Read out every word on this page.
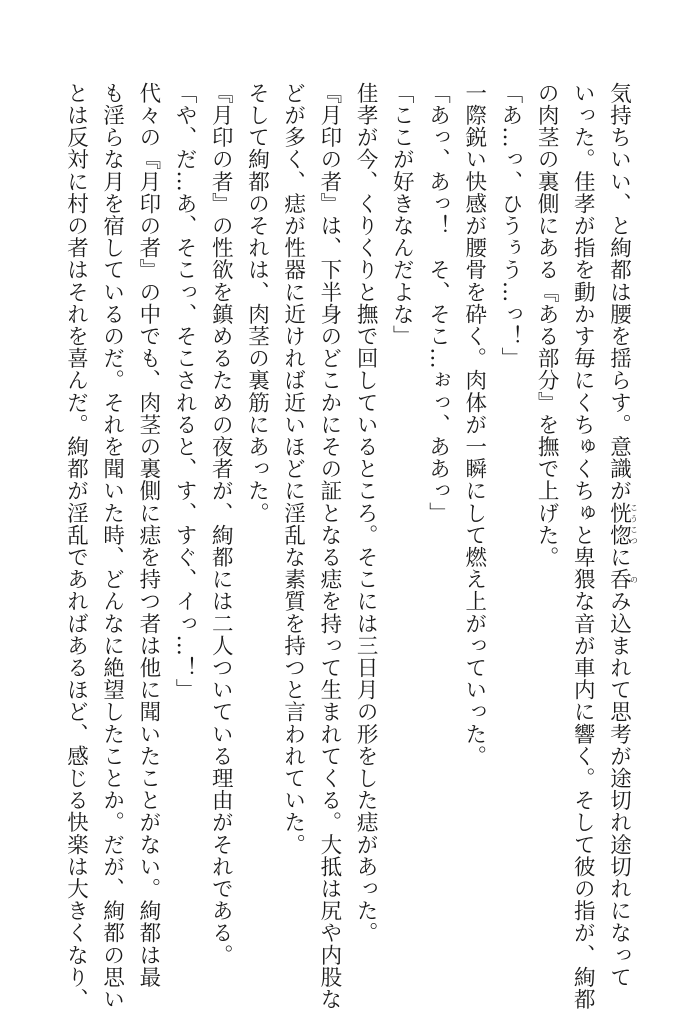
気持ちいい、と絢都は腰を揺らす。意識が恍惚こうこつに呑のみ込まれて思考が途切れ途切れになって
いった。佳孝が指を動かす毎にくちゅくちゅと卑猥な音が車内に響く。そして彼の指が、絢都
の肉茎の裏側にある『ある部分』を撫で上げた。
「あ…っ、ひうぅう…っ！」
一際鋭い快感が腰骨を砕く。肉体が一瞬にして燃え上がっていった。
「あっ、あっ！　そ、そこ…ぉっ、ああっ」
「ここが好きなんだよな」
佳孝が今、くりくりと撫で回しているところ。そこには三日月の形をした痣があった。
『月印の者』は、下半身のどこかにその証となる痣を持って生まれてくる。大抵は尻や内股な
どが多く、痣が性器に近ければ近いほどに淫乱な素質を持つと言われていた。
そして絢都のそれは、肉茎の裏筋にあった。
『月印の者』の性欲を鎮めるための夜者が、絢都には二人ついている理由がそれである。
「や、だ…あ、そこっ、そこされると、す、すぐ、イっ…！」
代々の『月印の者』の中でも、肉茎の裏側に痣を持つ者は他に聞いたことがない。絢都は最
も淫らな月を宿しているのだ。それを聞いた時、どんなに絶望したことか。だが、絢都の思い
とは反対に村の者はそれを喜んだ。絢都が淫乱であればあるほど、感じる快楽は大きくなり、
